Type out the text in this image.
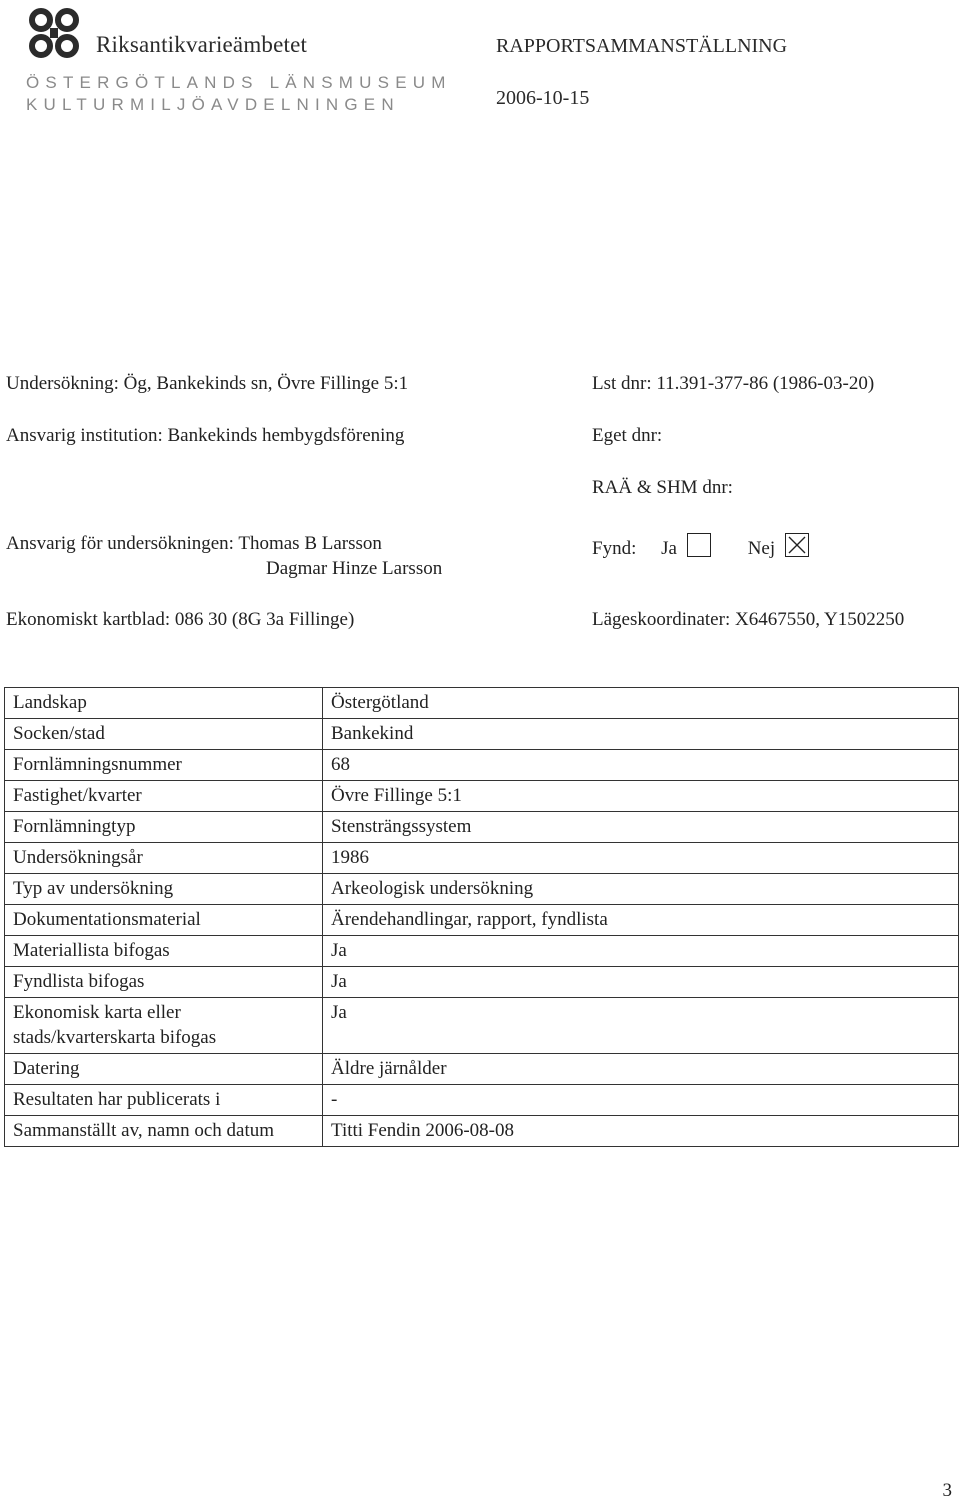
Riksantikvarieämbetet
ÖSTERGÖTLANDS LÄNSMUSEUM
KULTURMILJÖAVDELNINGEN
RAPPORTSAMMANSTÄLLNING
2006-10-15
Undersökning: Ög, Bankekinds sn, Övre Fillinge 5:1	Lst dnr: 11.391-377-86 (1986-03-20)
Ansvarig institution: Bankekinds hembygdsförening	Eget dnr:
RAÄ & SHM dnr:
Ansvarig för undersökningen: Thomas B Larsson
Dagmar Hinze Larsson
Fynd: Ja	Nej
Ekonomiskt kartblad: 086 30 (8G 3a Fillinge)	Lägeskoordinater: X6467550, Y1502250
Landskap	Östergötland
Socken/stad	Bankekind
Fornlämningsnummer	68
Fastighet/kvarter	Övre Fillinge 5:1
Fornlämningtyp	Stensträngssystem
Undersökningsår	1986
Typ av undersökning	Arkeologisk undersökning
Dokumentationsmaterial	Ärendehandlingar, rapport, fyndlista
Materiallista bifogas	Ja
Fyndlista bifogas	Ja
Ekonomisk karta eller stads/kvarterskarta bifogas	Ja
Datering	Äldre järnålder
Resultaten har publicerats i	-
Sammanställt av, namn och datum	Titti Fendin 2006-08-08
3
